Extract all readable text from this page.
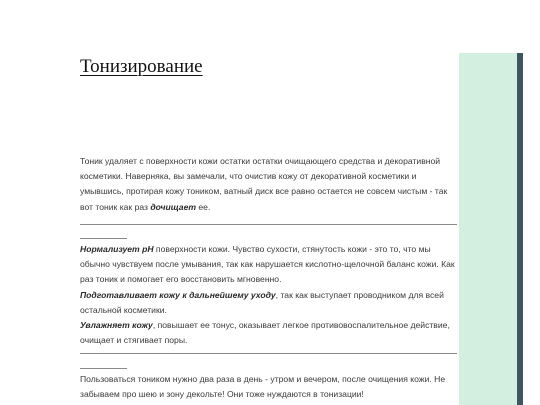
Тонизирование

Тоник удаляет с поверхности кожи остатки остатки очищающего средства и декоративной косметики. Наверняка, вы замечали, что очистив кожу от декоративной косметики и умывшись, протирая кожу тоником, ватный диск все равно остается не совсем чистым - так вот тоник как раз дочищает ее.

Нормализует рН поверхности кожи. Чувство сухости, стянутость кожи - это то, что мы обычно чувствуем после умывания, так как нарушается кислотно-щелочной баланс кожи. Как раз тоник и помогает его восстановить мгновенно.
Подготавливает кожу к дальнейшему уходу, так как выступает проводником для всей остальной косметики.
Увлажняет кожу, повышает ее тонус, оказывает легкое противовоспалительное действие, очищает и стягивает поры.

Пользоваться тоником нужно два раза в день - утром и вечером, после очищения кожи. Не забываем про шею и зону декольте! Они тоже нуждаются в тонизации!
